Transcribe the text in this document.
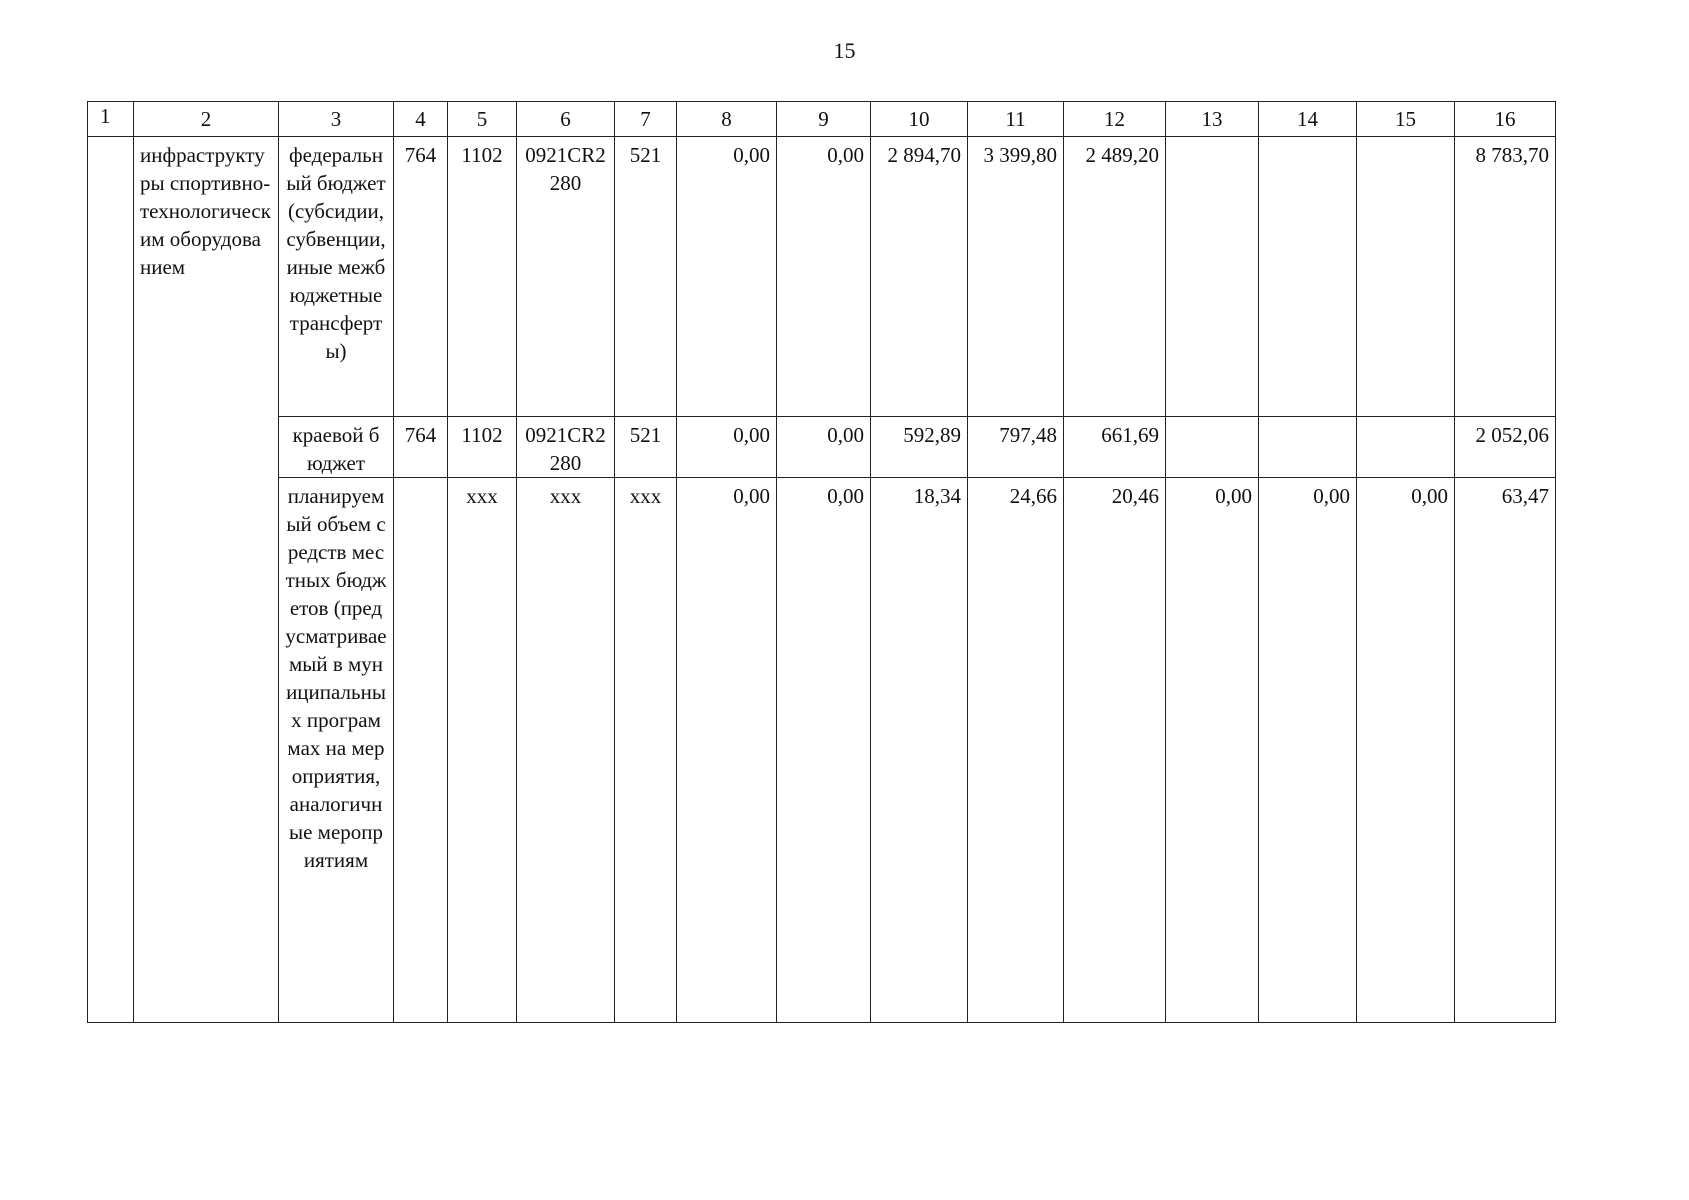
15
1	2	3	4	5	6	7	8	9	10	11	12	13	14	15	16
	инфраструктуры спортивно-технологическим оборудованием	федеральный бюджет (субсидии, субвенции, иные межбюджетные трансферты)	764	1102	0921CR2280	521	0,00	0,00	2 894,70	3 399,80	2 489,20				8 783,70
		краевой бюджет	764	1102	0921CR2280	521	0,00	0,00	592,89	797,48	661,69				2 052,06
		планируемый объем средств местных бюджетов (предусматриваемый в муниципальных программах на мероприятия, аналогичные мероприятиям		xxx	xxx	xxx	0,00	0,00	18,34	24,66	20,46	0,00	0,00	0,00	63,47
